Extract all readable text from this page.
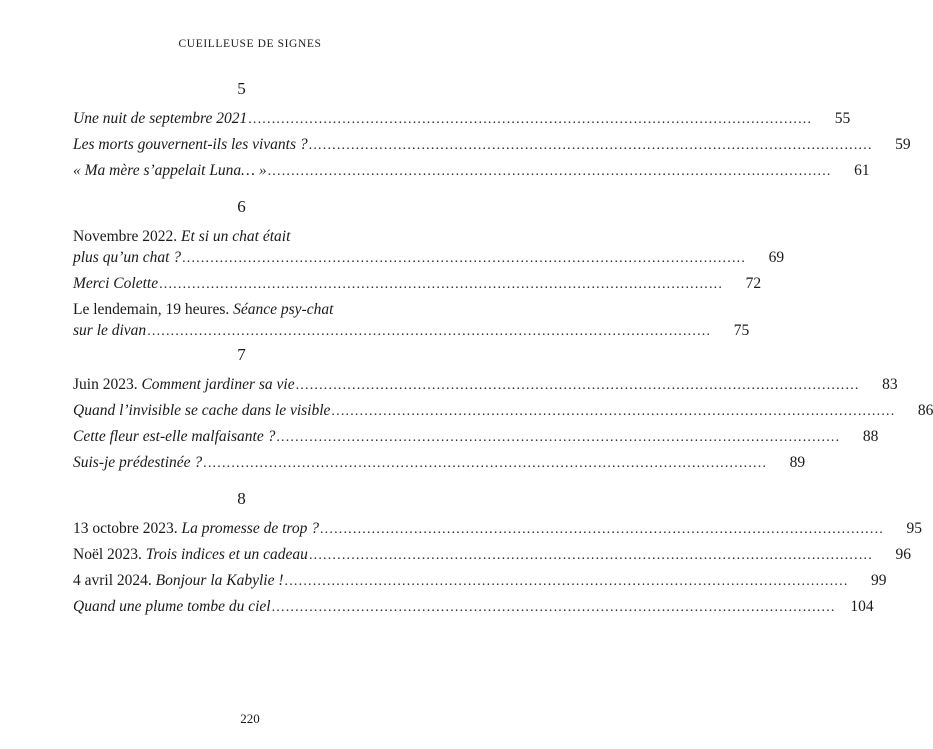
CUEILLEUSE DE SIGNES
5
Une nuit de septembre 2021 ........................................................................................................................	55
Les morts gouvernent-ils les vivants ? ........................................................................................................................	59
« Ma mère s’appelait Luna… » ........................................................................................................................	61
6
Novembre 2022. Et si un chat était
plus qu’un chat ? ........................................................................................................................	69
Merci Colette ........................................................................................................................	72
Le lendemain, 19 heures. Séance psy-chat
sur le divan ........................................................................................................................	75
7
Juin 2023. Comment jardiner sa vie ........................................................................................................................	83
Quand l’invisible se cache dans le visible ........................................................................................................................	86
Cette fleur est-elle malfaisante ? ........................................................................................................................	88
Suis-je prédestinée ? ........................................................................................................................	89
8
13 octobre 2023. La promesse de trop ? ........................................................................................................................	95
Noël 2023. Trois indices et un cadeau ........................................................................................................................	96
4 avril 2024. Bonjour la Kabylie ! ........................................................................................................................	99
Quand une plume tombe du ciel ........................................................................................................................ 104
220
